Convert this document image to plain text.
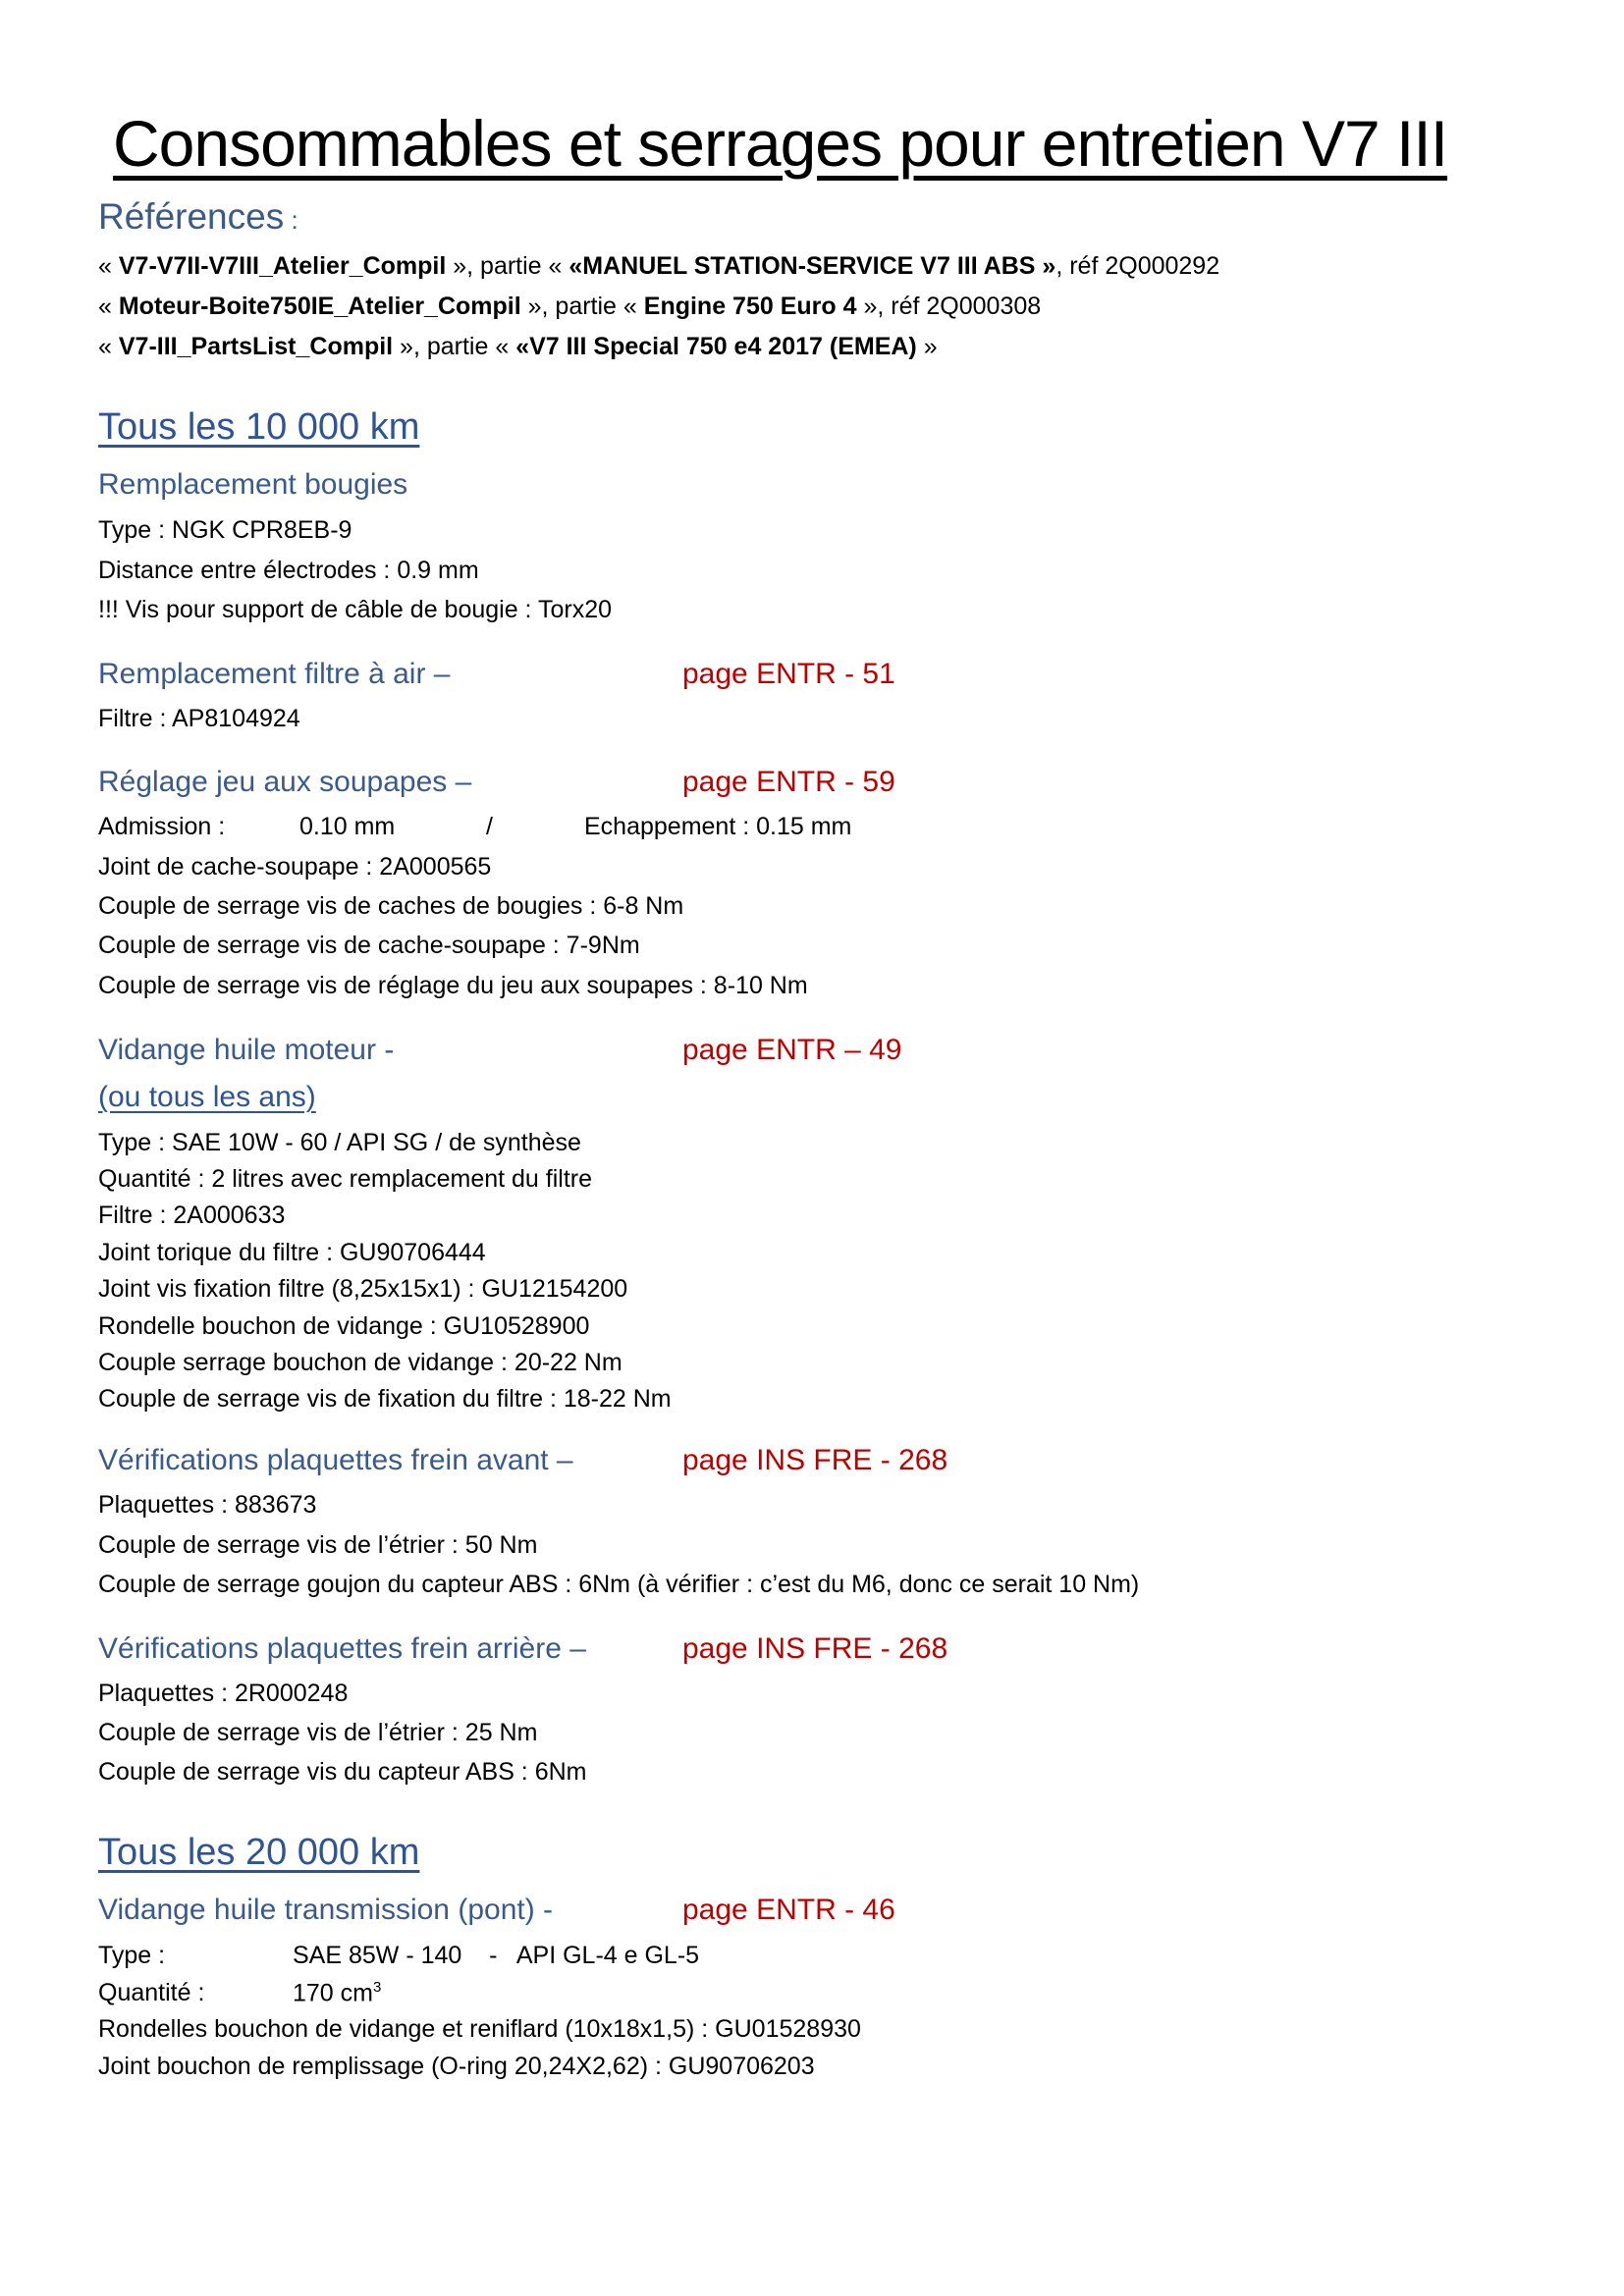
Consommables et serrages pour entretien V7 III
Références :
« V7-V7II-V7III_Atelier_Compil », partie « «MANUEL STATION-SERVICE V7 III ABS », réf 2Q000292
« Moteur-Boite750IE_Atelier_Compil », partie « Engine 750 Euro 4 », réf 2Q000308
« V7-III_PartsList_Compil », partie « «V7 III Special 750 e4 2017 (EMEA) »
Tous les 10 000 km
Remplacement bougies
Type : NGK CPR8EB-9
Distance entre électrodes : 0.9 mm
!!! Vis pour support de câble de bougie : Torx20
Remplacement filtre à air –	page ENTR - 51
Filtre : AP8104924
Réglage jeu aux soupapes –	page ENTR - 59
Admission :	0.10 mm	/	Echappement : 0.15 mm
Joint de cache-soupape : 2A000565
Couple de serrage vis de caches de bougies : 6-8 Nm
Couple de serrage vis de cache-soupape : 7-9Nm
Couple de serrage vis de réglage du jeu aux soupapes : 8-10 Nm
Vidange huile moteur -	page ENTR – 49
(ou tous les ans)
Type : SAE 10W - 60 / API SG / de synthèse
Quantité : 2 litres avec remplacement du filtre
Filtre : 2A000633
Joint torique du filtre : GU90706444
Joint vis fixation filtre (8,25x15x1) : GU12154200
Rondelle bouchon de vidange : GU10528900
Couple serrage bouchon de vidange : 20-22 Nm
Couple de serrage vis de fixation du filtre : 18-22 Nm
Vérifications plaquettes frein avant –	page INS FRE - 268
Plaquettes : 883673
Couple de serrage vis de l’étrier : 50 Nm
Couple de serrage goujon du capteur ABS : 6Nm (à vérifier : c’est du M6, donc ce serait 10 Nm)
Vérifications plaquettes frein arrière –	page INS FRE - 268
Plaquettes : 2R000248
Couple de serrage vis de l’étrier : 25 Nm
Couple de serrage vis du capteur ABS : 6Nm
Tous les 20 000 km
Vidange huile transmission (pont) -	page ENTR - 46
Type :	SAE 85W - 140    -   API GL-4 e GL-5
Quantité :	170 $cm^3$
Rondelles bouchon de vidange et reniflard (10x18x1,5) : GU01528930
Joint bouchon de remplissage (O-ring 20,24X2,62) : GU90706203
